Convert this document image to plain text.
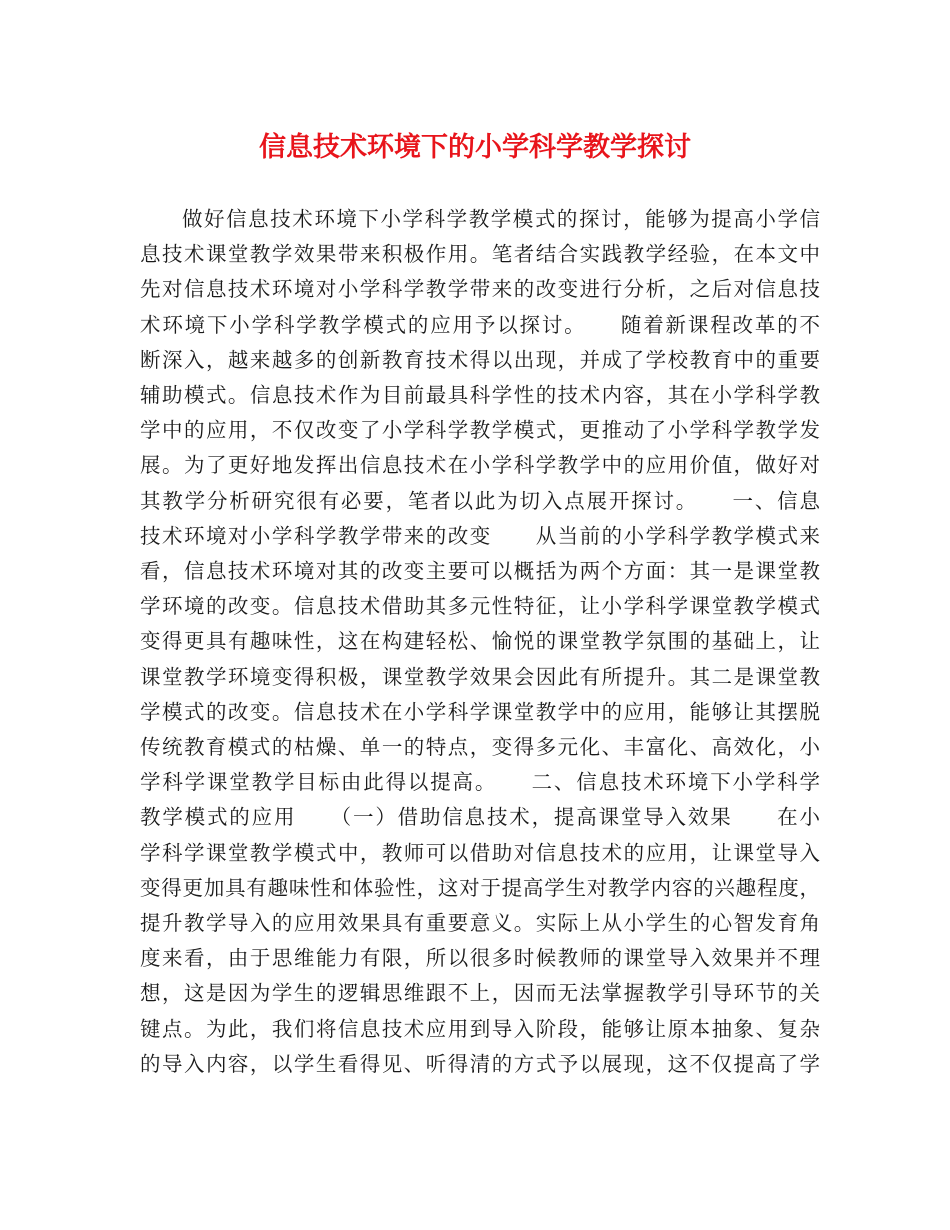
信息技术环境下的小学科学教学探讨
做好信息技术环境下小学科学教学模式的探讨，能够为提高小学信
息技术课堂教学效果带来积极作用。笔者结合实践教学经验，在本文中
先对信息技术环境对小学科学教学带来的改变进行分析，之后对信息技
术环境下小学科学教学模式的应用予以探讨。　　随着新课程改革的不
断深入，越来越多的创新教育技术得以出现，并成了学校教育中的重要
辅助模式。信息技术作为目前最具科学性的技术内容，其在小学科学教
学中的应用，不仅改变了小学科学教学模式，更推动了小学科学教学发
展。为了更好地发挥出信息技术在小学科学教学中的应用价值，做好对
其教学分析研究很有必要，笔者以此为切入点展开探讨。　　一、信息
技术环境对小学科学教学带来的改变　　从当前的小学科学教学模式来
看，信息技术环境对其的改变主要可以概括为两个方面：其一是课堂教
学环境的改变。信息技术借助其多元性特征，让小学科学课堂教学模式
变得更具有趣味性，这在构建轻松、愉悦的课堂教学氛围的基础上，让
课堂教学环境变得积极，课堂教学效果会因此有所提升。其二是课堂教
学模式的改变。信息技术在小学科学课堂教学中的应用，能够让其摆脱
传统教育模式的枯燥、单一的特点，变得多元化、丰富化、高效化，小
学科学课堂教学目标由此得以提高。　　二、信息技术环境下小学科学
教学模式的应用　　（一）借助信息技术，提高课堂导入效果　　在小
学科学课堂教学模式中，教师可以借助对信息技术的应用，让课堂导入
变得更加具有趣味性和体验性，这对于提高学生对教学内容的兴趣程度，
提升教学导入的应用效果具有重要意义。实际上从小学生的心智发育角
度来看，由于思维能力有限，所以很多时候教师的课堂导入效果并不理
想，这是因为学生的逻辑思维跟不上，因而无法掌握教学引导环节的关
键点。为此，我们将信息技术应用到导入阶段，能够让原本抽象、复杂
的导入内容，以学生看得见、听得清的方式予以展现，这不仅提高了学
